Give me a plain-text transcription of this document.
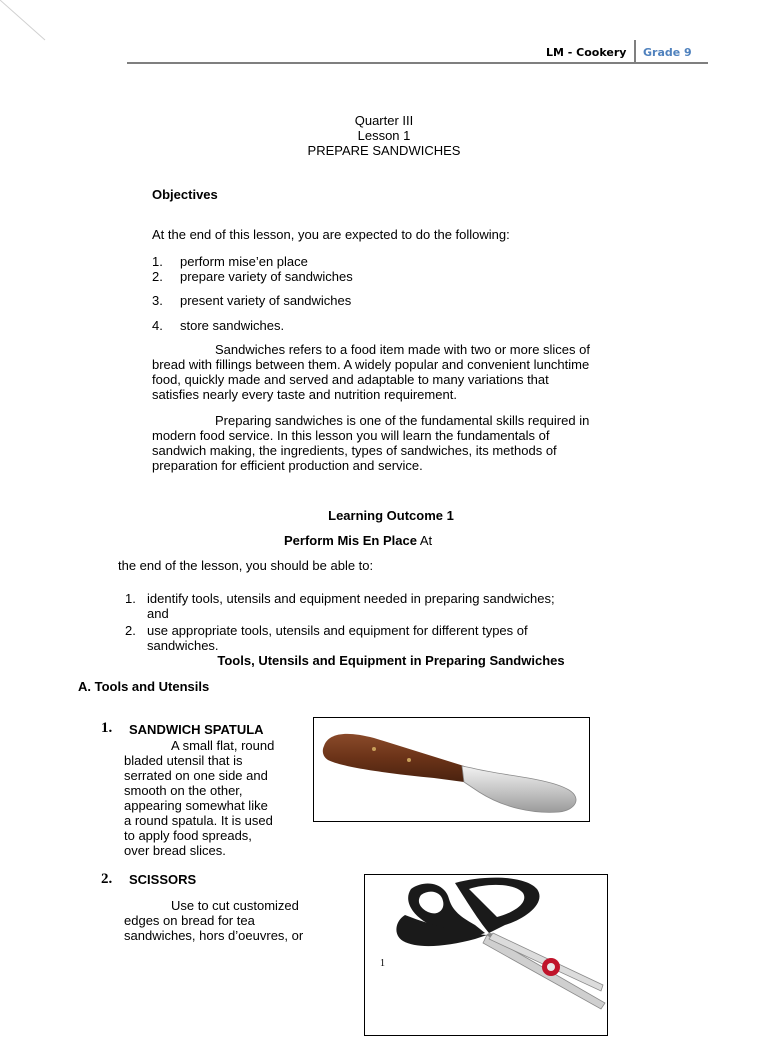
LM - Cookery Grade 9
Quarter III
Lesson 1
PREPARE SANDWICHES
Objectives
At the end of this lesson, you are expected to do the following:
1. perform mise’en place
2. prepare variety of sandwiches
3. present variety of sandwiches
4. store sandwiches.
Sandwiches refers to a food item made with two or more slices of
bread with fillings between them. A widely popular and convenient lunchtime
food, quickly made and served and adaptable to many variations that
satisfies nearly every taste and nutrition requirement.
Preparing sandwiches is one of the fundamental skills required in
modern food service. In this lesson you will learn the fundamentals of
sandwich making, the ingredients, types of sandwiches, its methods of
preparation for efficient production and service.
Learning Outcome 1
Perform Mis En Place At
the end of the lesson, you should be able to:
1. identify tools, utensils and equipment needed in preparing sandwiches;
and
2. use appropriate tools, utensils and equipment for different types of
sandwiches.
Tools, Utensils and Equipment in Preparing Sandwiches
A. Tools and Utensils
1. SANDWICH SPATULA
A small flat, round
bladed utensil that is
serrated on one side and
smooth on the other,
appearing somewhat like
a round spatula. It is used
to apply food spreads,
over bread slices.
2. SCISSORS
Use to cut customized
edges on bread for tea
sandwiches, hors d’oeuvres, or
1
